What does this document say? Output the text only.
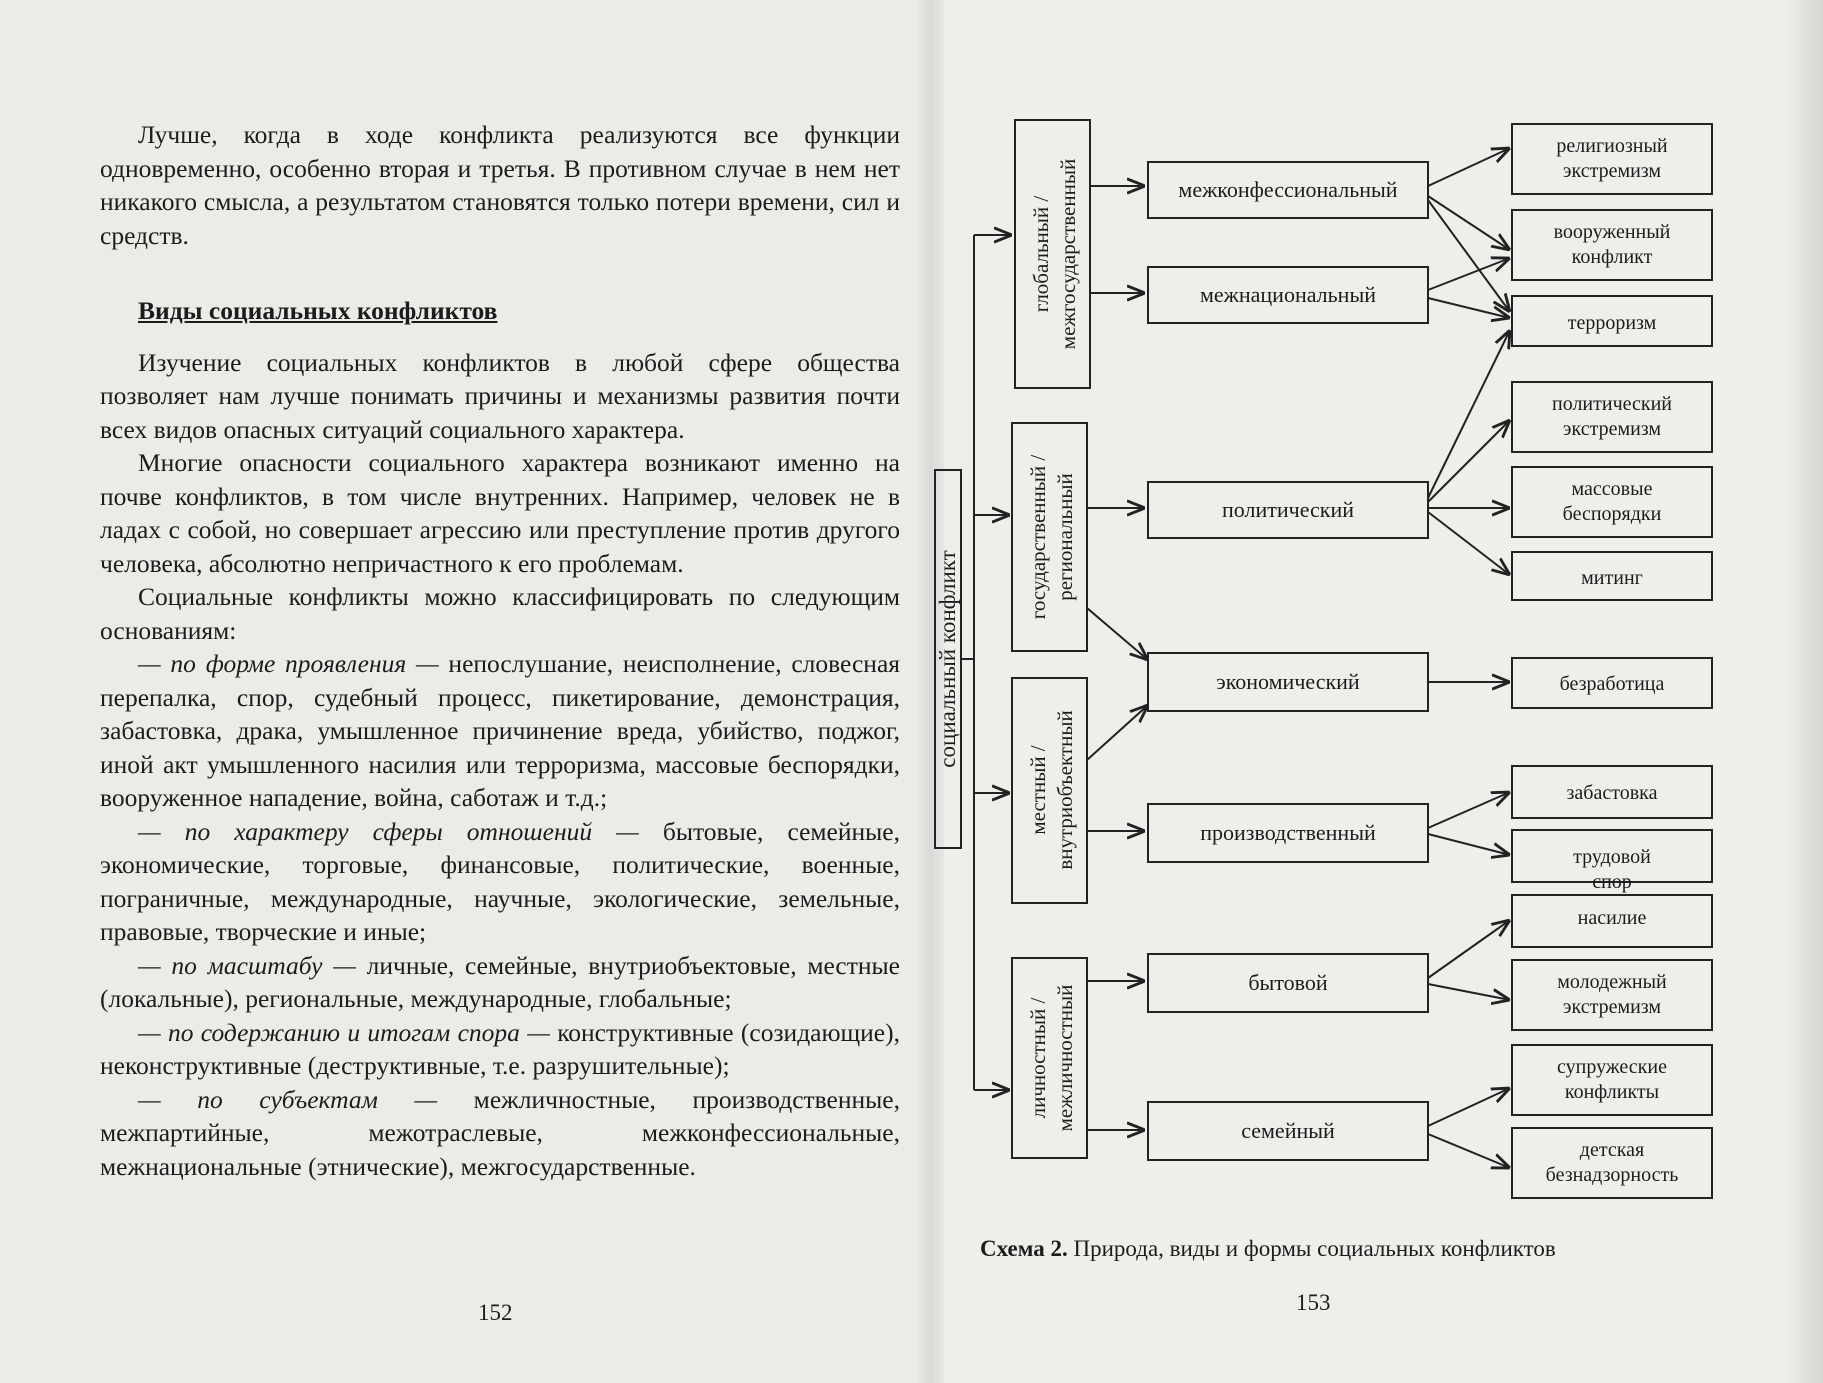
Лучше, когда в ходе конфликта реализуются все функции одновременно, особенно вторая и третья. В противном случае в нем нет никакого смысла, а результатом становятся только потери времени, сил и средств.

Виды социальных конфликтов

Изучение социальных конфликтов в любой сфере общества позволяет нам лучше понимать причины и механизмы развития почти всех видов опасных ситуаций социального характера.

Многие опасности социального характера возникают именно на почве конфликтов, в том числе внутренних. Например, человек не в ладах с собой, но совершает агрессию или преступление против другого человека, абсолютно непричастного к его проблемам.

Социальные конфликты можно классифицировать по следующим основаниям:

— по форме проявления — непослушание, неисполнение, словесная перепалка, спор, судебный процесс, пикетирование, демонстрация, забастовка, драка, умышленное причинение вреда, убийство, поджог, иной акт умышленного насилия или терроризма, массовые беспорядки, вооруженное нападение, война, саботаж и т.д.;

— по характеру сферы отношений — бытовые, семейные, экономические, торговые, финансовые, политические, военные, пограничные, международные, научные, экологические, земельные, правовые, творческие и иные;

— по масштабу — личные, семейные, внутриобъектовые, местные (локальные), региональные, международные, глобальные;

— по содержанию и итогам спора — конструктивные (созидающие), неконструктивные (деструктивные, т.е. разрушительные);

— по субъектам — межличностные, производственные, межпартийные, межотраслевые, межконфессиональные, межнациональные (этнические), межгосударственные.

152
социальный конфликт
глобальный / межгосударственный
государственный / региональный
местный / внутриобъектный
личностный / межличностный
межконфессиональный
межнациональный
политический
экономический
производственный
бытовой
семейный
религиозный экстремизм
вооруженный конфликт
терроризм
политический экстремизм
массовые беспорядки
митинг
безработица
забастовка
трудовой спор
насилие
молодежный экстремизм
супружеские конфликты
детская безнадзорность
Схема 2. Природа, виды и формы социальных конфликтов
153
